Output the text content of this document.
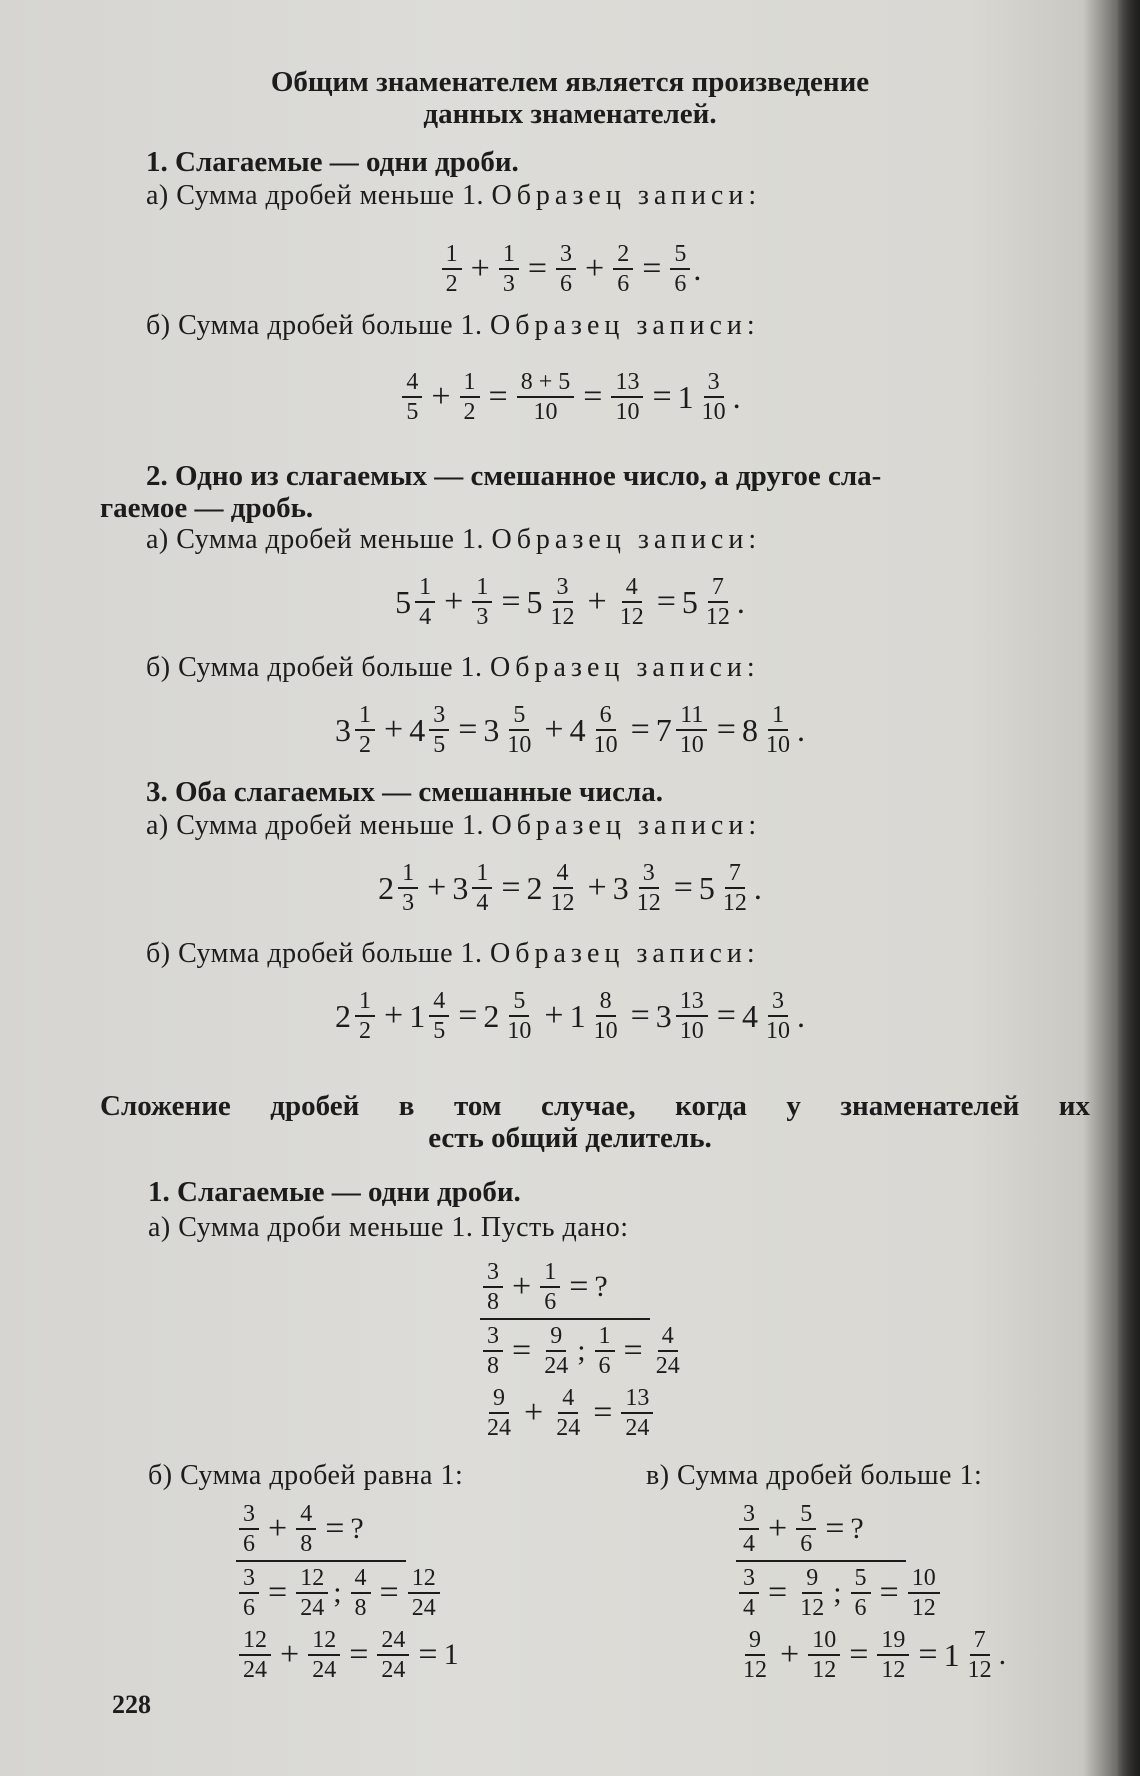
Общим знаменателем является произведение
данных знаменателей.
1. Слагаемые — одни дроби.
а) Сумма дробей меньше 1. Образец записи:
$\frac{1}{2} + \frac{1}{3} = \frac{3}{6} + \frac{2}{6} = \frac{5}{6}$ .
б) Сумма дробей больше 1. Образец записи:
$\frac{4}{5} + \frac{1}{2} = \frac{8 + 5}{10} = \frac{13}{10} = 1 \frac{3}{10}$ .
2. Одно из слагаемых — смешанное число, а другое сла-
гаемое — дробь.
а) Сумма дробей меньше 1. Образец записи:
$5 \frac{1}{4} + \frac{1}{3} = 5 \frac{3}{12} + \frac{4}{12} = 5 \frac{7}{12}$ .
б) Сумма дробей больше 1. Образец записи:
$3 \frac{1}{2} + 4 \frac{3}{5} = 3 \frac{5}{10} + 4 \frac{6}{10} = 7 \frac{11}{10} = 8 \frac{1}{10}$ .
3. Оба слагаемых — смешанные числа.
а) Сумма дробей меньше 1. Образец записи:
$2 \frac{1}{3} + 3 \frac{1}{4} = 2 \frac{4}{12} + 3 \frac{3}{12} = 5 \frac{7}{12}$ .
б) Сумма дробей больше 1. Образец записи:
$2 \frac{1}{2} + 1 \frac{4}{5} = 2 \frac{5}{10} + 1 \frac{8}{10} = 3 \frac{13}{10} = 4 \frac{3}{10}$ .
Сложение дробей в том случае, когда у знаменателей их
есть общий делитель.
1. Слагаемые — одни дроби.
а) Сумма дроби меньше 1. Пусть дано:
$\frac{3}{8} + \frac{1}{6}$ = ?
$\frac{3}{8} = \frac{9}{24}$ ; $\frac{1}{6} = \frac{4}{24}$
$\frac{9}{24} + \frac{4}{24} = \frac{13}{24}$
б) Сумма дробей равна 1:	в) Сумма дробей больше 1:
$\frac{3}{6} + \frac{4}{8}$ = ?
$\frac{3}{6} = \frac{12}{24}$ ; $\frac{4}{8} = \frac{12}{24}$
$\frac{12}{24} + \frac{12}{24} = \frac{24}{24} = 1$
$\frac{3}{4} + \frac{5}{6}$ = ?
$\frac{3}{4} = \frac{9}{12}$ ; $\frac{5}{6} = \frac{10}{12}$
$\frac{9}{12} + \frac{10}{12} = \frac{19}{12} = 1 \frac{7}{12}$ .
228
